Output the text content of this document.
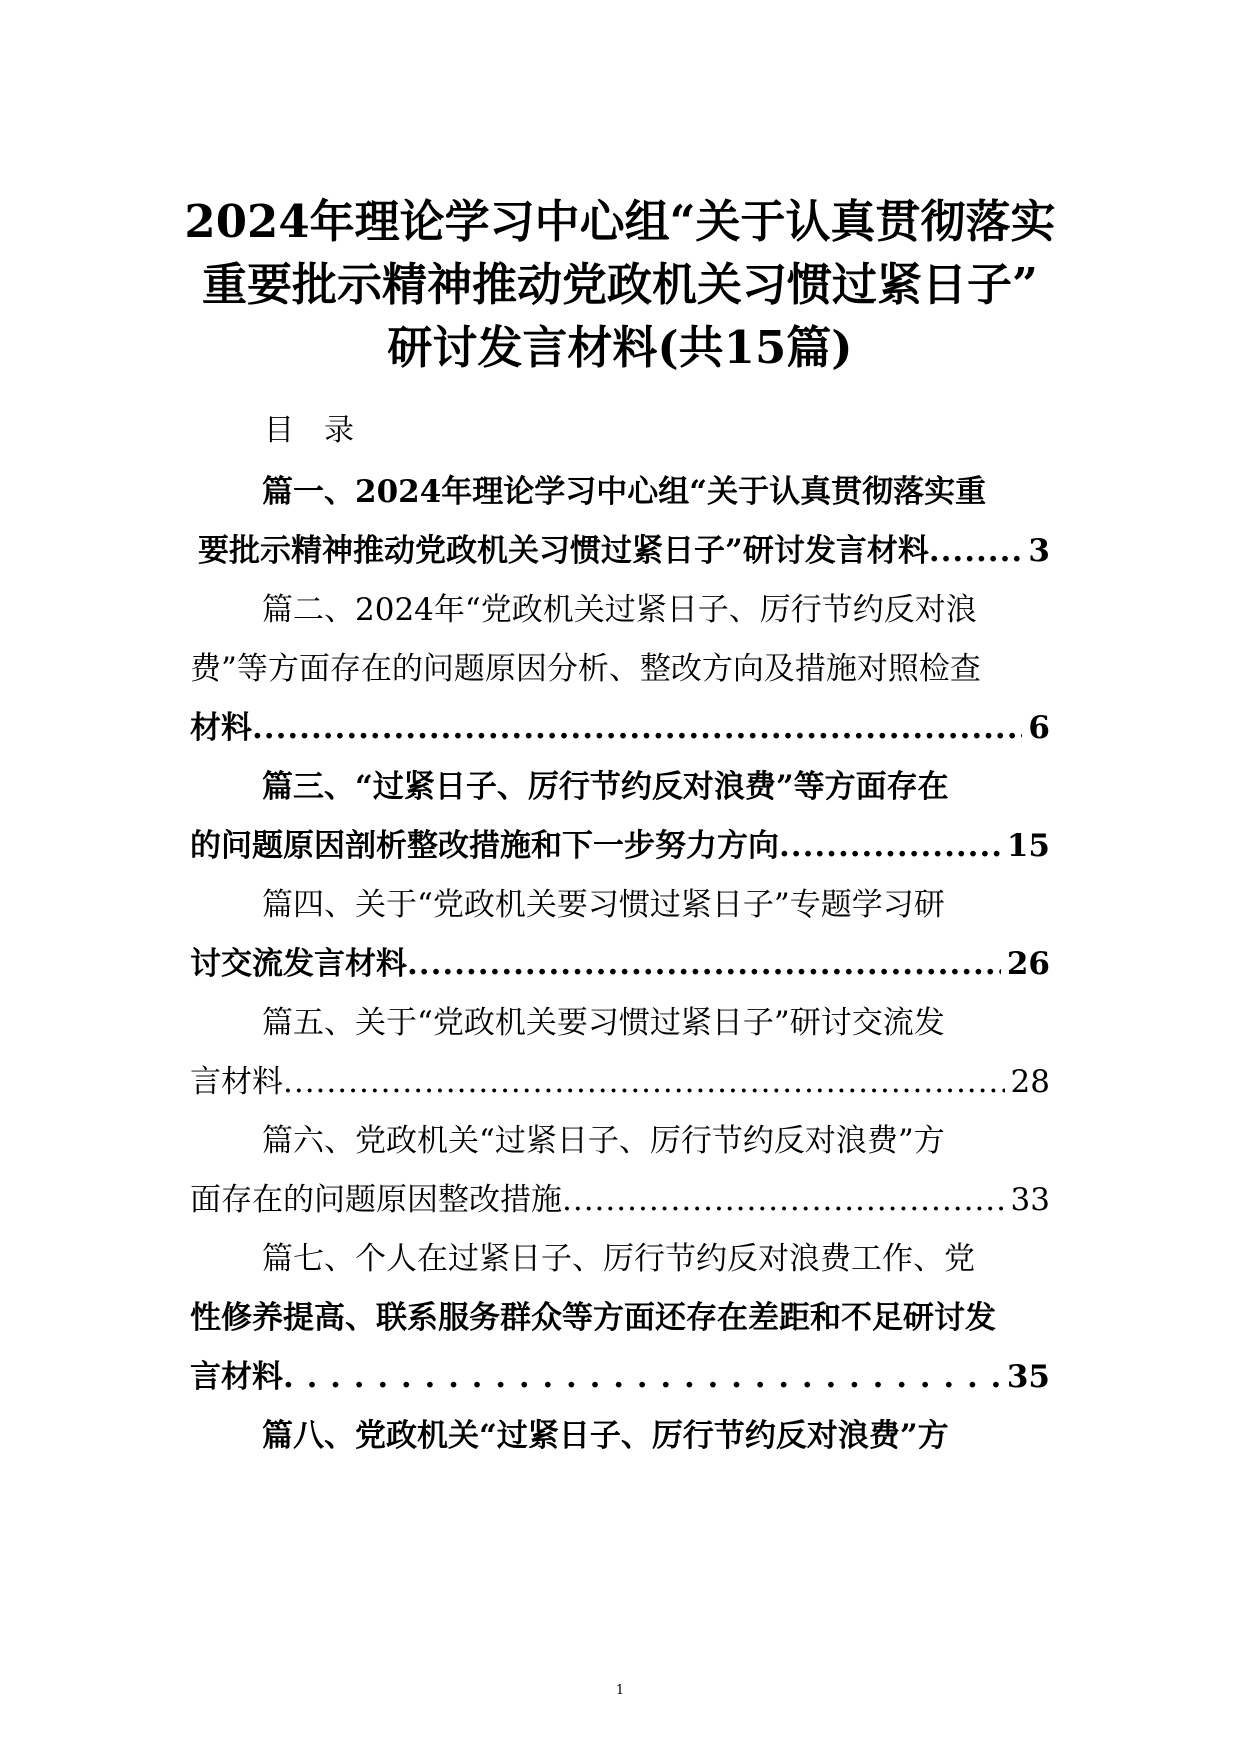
2024年理论学习中心组“关于认真贯彻落实
重要批示精神推动党政机关习惯过紧日子”
研讨发言材料(共15篇)
目录
篇一、2024年理论学习中心组“关于认真贯彻落实重
要批示精神推动党政机关习惯过紧日子”研讨发言材料 .....	3
篇二、2024年“党政机关过紧日子、厉行节约反对浪
费”等方面存在的问题原因分析、整改方向及措施对照检查
材料 .....	6
篇三、“过紧日子、厉行节约反对浪费”等方面存在
的问题原因剖析整改措施和下一步努力方向 .....	15
篇四、关于“党政机关要习惯过紧日子”专题学习研
讨交流发言材料 .....	26
篇五、关于“党政机关要习惯过紧日子”研讨交流发
言材料 .....	28
篇六、党政机关“过紧日子、厉行节约反对浪费”方
面存在的问题原因整改措施 .....	33
篇七、个人在过紧日子、厉行节约反对浪费工作、党
性修养提高、联系服务群众等方面还存在差距和不足研讨发
言材料 . . .	35
篇八、党政机关“过紧日子、厉行节约反对浪费”方
1
